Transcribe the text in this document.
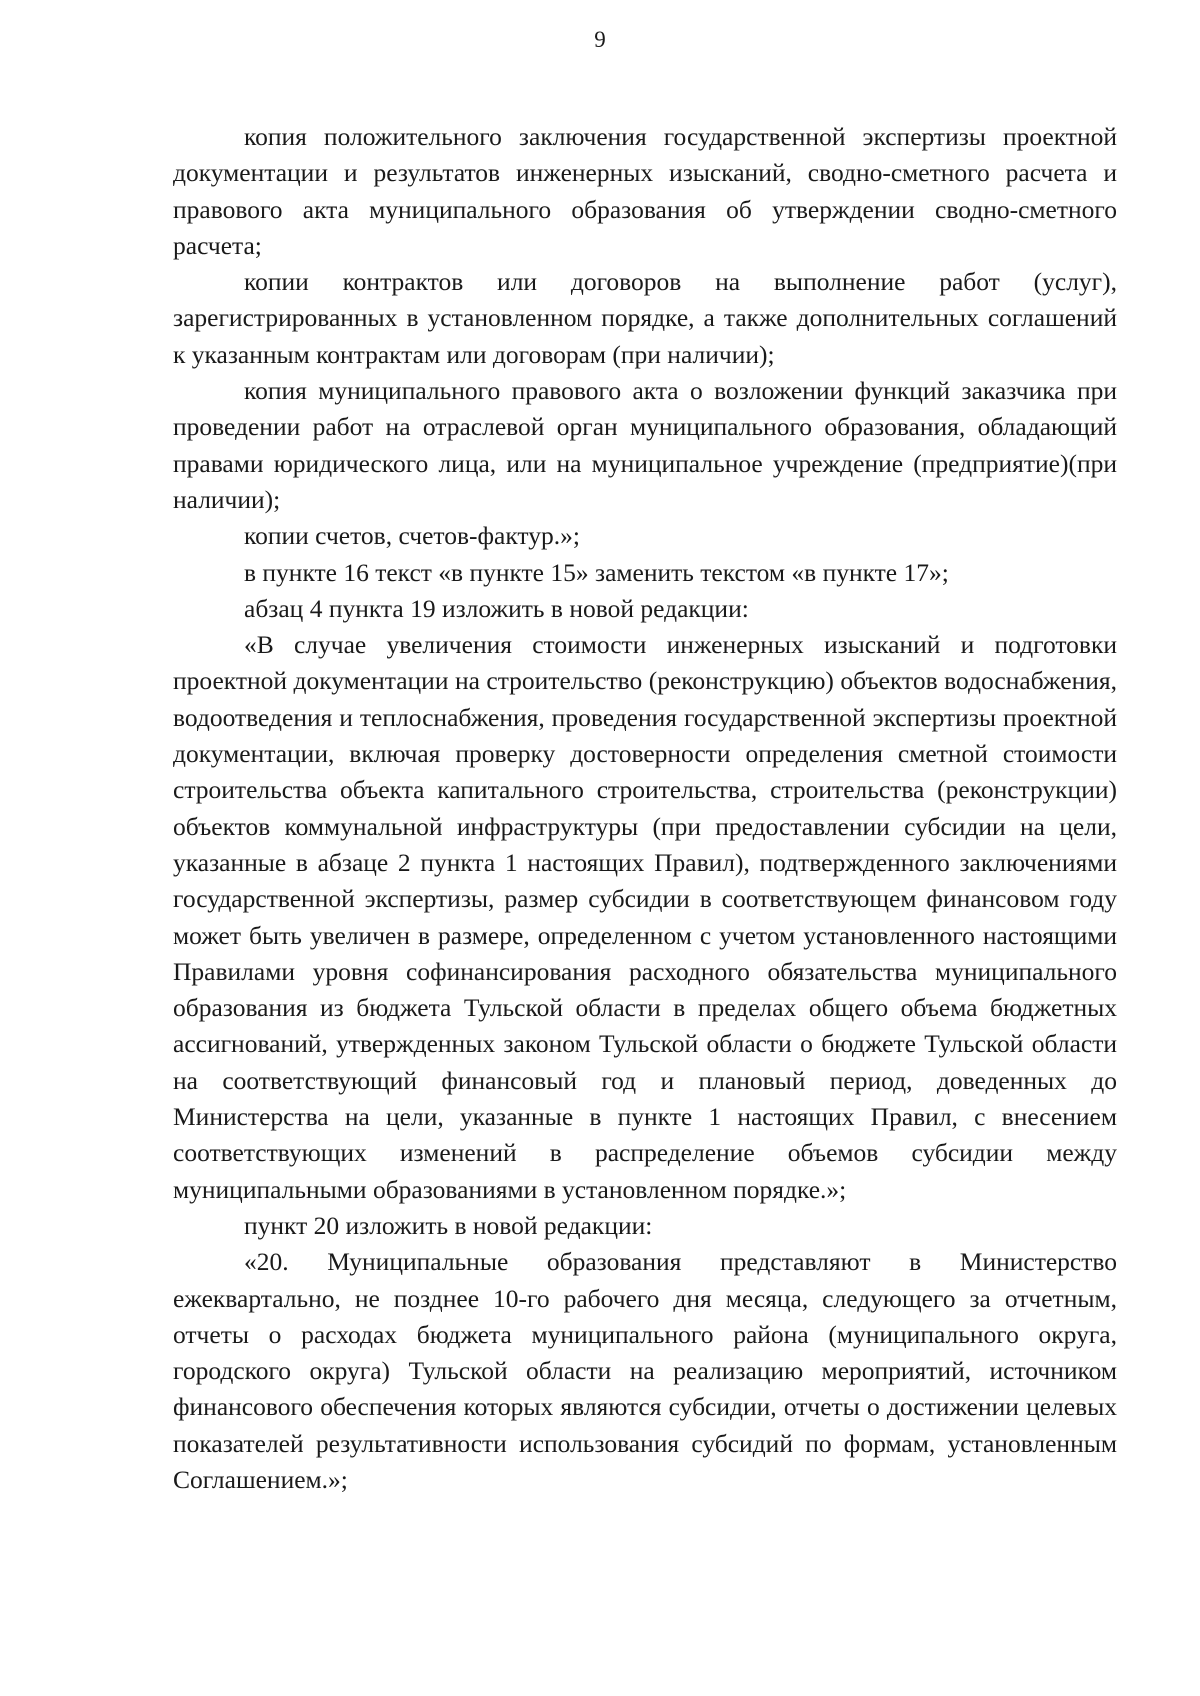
9

копия положительного заключения государственной экспертизы проектной документации и результатов инженерных изысканий, сводно-сметного расчета и правового акта муниципального образования об утверждении сводно-сметного расчета;

копии контрактов или договоров на выполнение работ (услуг), зарегистрированных в установленном порядке, а также дополнительных соглашений к указанным контрактам или договорам (при наличии);

копия муниципального правового акта о возложении функций заказчика при проведении работ на отраслевой орган муниципального образования, обладающий правами юридического лица, или на муниципальное учреждение (предприятие)(при наличии);

копии счетов, счетов-фактур.»;

в пункте 16 текст «в пункте 15» заменить текстом «в пункте 17»;

абзац 4 пункта 19 изложить в новой редакции:

«В случае увеличения стоимости инженерных изысканий и подготовки проектной документации на строительство (реконструкцию) объектов водоснабжения, водоотведения и теплоснабжения, проведения государственной экспертизы проектной документации, включая проверку достоверности определения сметной стоимости строительства объекта капитального строительства, строительства (реконструкции) объектов коммунальной инфраструктуры (при предоставлении субсидии на цели, указанные в абзаце 2 пункта 1 настоящих Правил), подтвержденного заключениями государственной экспертизы, размер субсидии в соответствующем финансовом году может быть увеличен в размере, определенном с учетом установленного настоящими Правилами уровня софинансирования расходного обязательства муниципального образования из бюджета Тульской области в пределах общего объема бюджетных ассигнований, утвержденных законом Тульской области о бюджете Тульской области на соответствующий финансовый год и плановый период, доведенных до Министерства на цели, указанные в пункте 1 настоящих Правил, с внесением соответствующих изменений в распределение объемов субсидии между муниципальными образованиями в установленном порядке.»;

пункт 20 изложить в новой редакции:

«20. Муниципальные образования представляют в Министерство ежеквартально, не позднее 10-го рабочего дня месяца, следующего за отчетным, отчеты о расходах бюджета муниципального района (муниципального округа, городского округа) Тульской области на реализацию мероприятий, источником финансового обеспечения которых являются субсидии, отчеты о достижении целевых показателей результативности использования субсидий по формам, установленным Соглашением.»;
